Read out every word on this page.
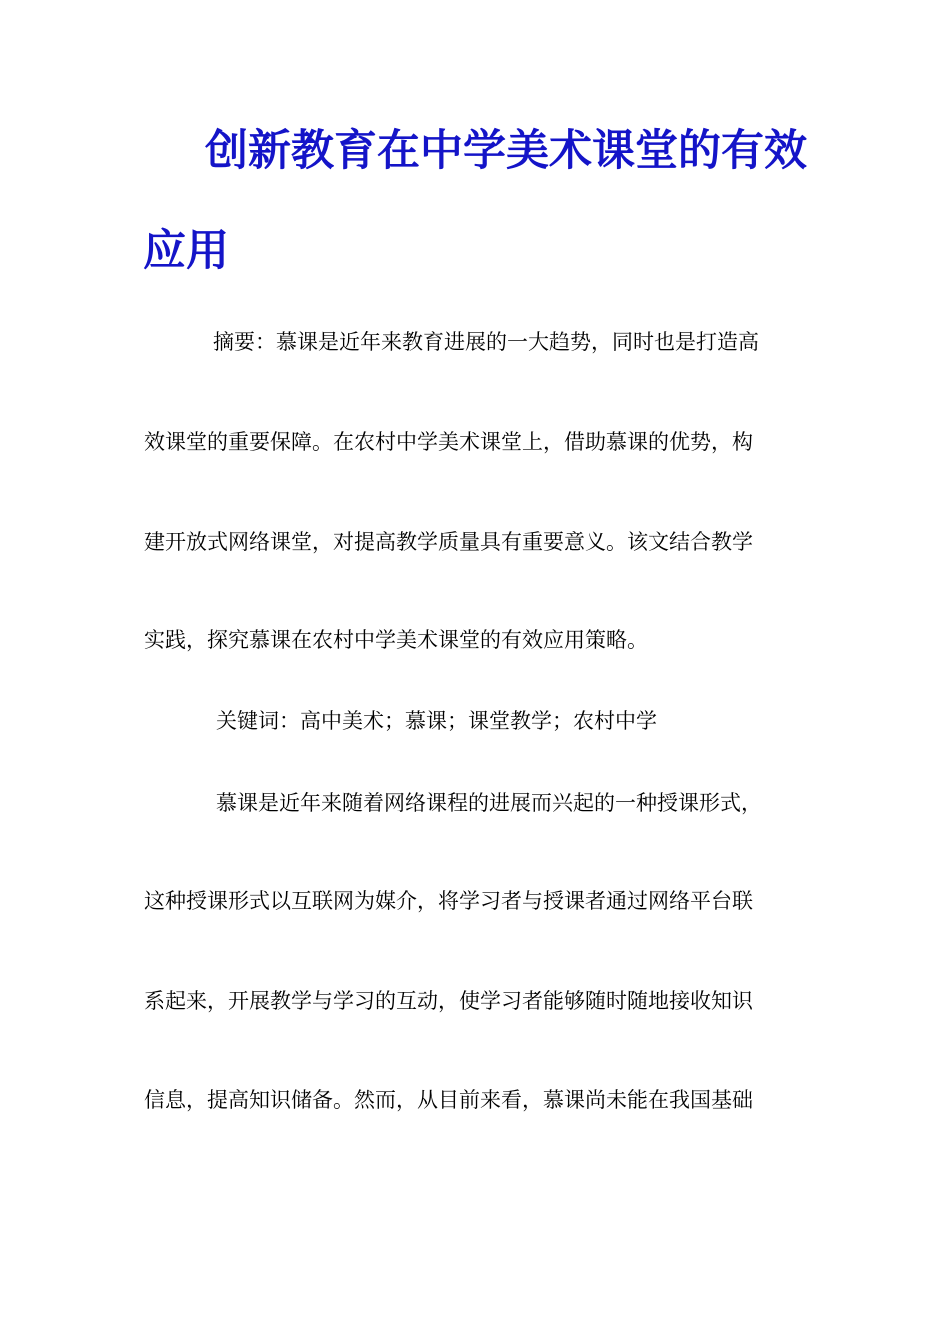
创新教育在中学美术课堂的有效
应用
摘要：慕课是近年来教育进展的一大趋势，同时也是打造高
效课堂的重要保障。在农村中学美术课堂上，借助慕课的优势，构
建开放式网络课堂，对提高教学质量具有重要意义。该文结合教学
实践，探究慕课在农村中学美术课堂的有效应用策略。
关键词：高中美术；慕课；课堂教学；农村中学
慕课是近年来随着网络课程的进展而兴起的一种授课形式，
这种授课形式以互联网为媒介，将学习者与授课者通过网络平台联
系起来，开展教学与学习的互动，使学习者能够随时随地接收知识
信息，提高知识储备。然而，从目前来看，慕课尚未能在我国基础
